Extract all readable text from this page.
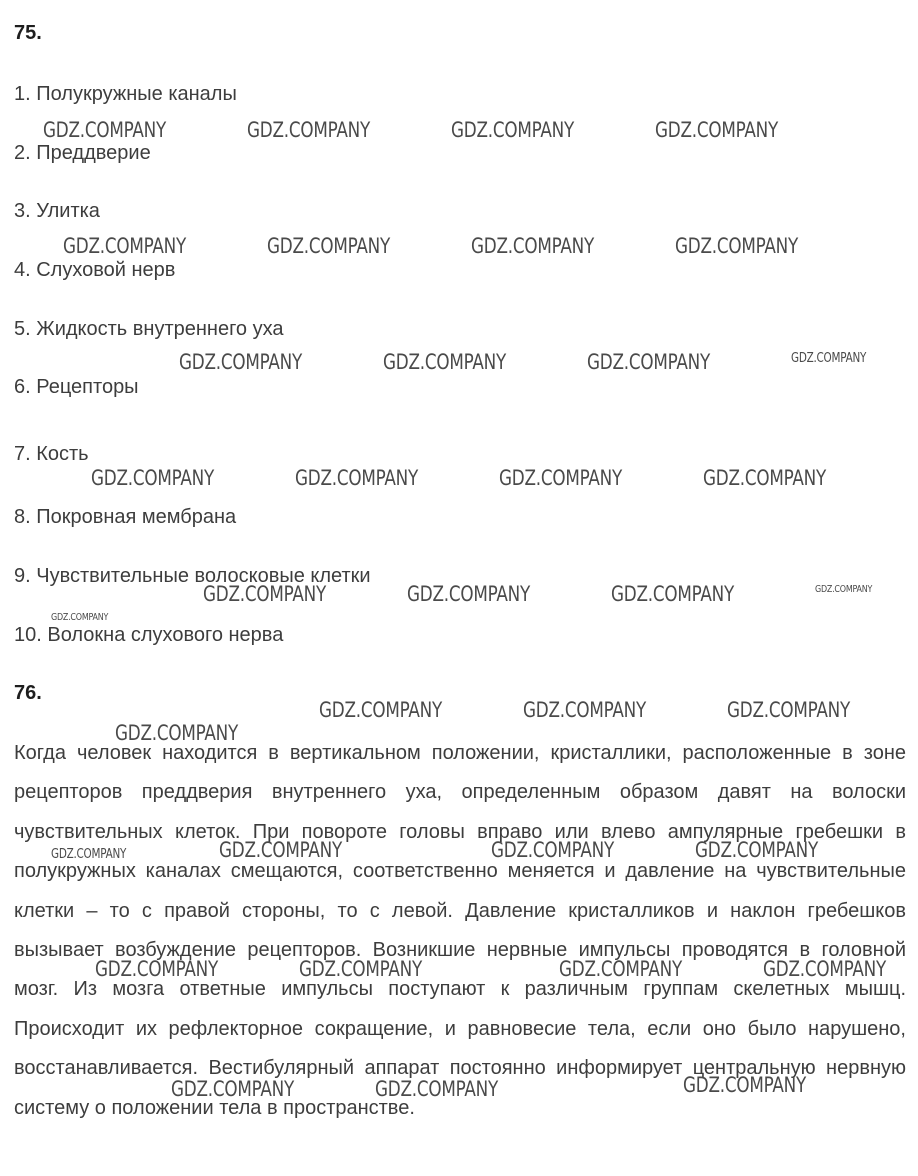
75.
1. Полукружные каналы
2. Преддверие
3. Улитка
4. Слуховой нерв
5. Жидкость внутреннего уха
6. Рецепторы
7. Кость
8. Покровная мембрана
9. Чувствительные волосковые клетки
10. Волокна слухового нерва
76.

Когда человек находится в вертикальном положении, кристаллики, расположенные в зоне рецепторов преддверия внутреннего уха, определенным образом давят на волоски чувствительных клеток. При повороте головы вправо или влево ампулярные гребешки в полукружных каналах смещаются, соответственно меняется и давление на чувствительные клетки – то с правой стороны, то с левой. Давление кристалликов и наклон гребешков вызывает возбуждение рецепторов. Возникшие нервные импульсы проводятся в головной мозг. Из мозга ответные импульсы поступают к различным группам скелетных мышц. Происходит их рефлекторное сокращение, и равновесие тела, если оно было нарушено, восстанавливается. Вестибулярный аппарат постоянно информирует центральную нервную систему о положении тела в пространстве.

GDZ.COMPANY	GDZ.COMPANY	GDZ.COMPANY	GDZ.COMPANY
GDZ.COMPANY	GDZ.COMPANY	GDZ.COMPANY	GDZ.COMPANY
GDZ.COMPANY	GDZ.COMPANY	GDZ.COMPANY	GDZ.COMPANY
GDZ.COMPANY	GDZ.COMPANY	GDZ.COMPANY	GDZ.COMPANY
GDZ.COMPANY	GDZ.COMPANY	GDZ.COMPANY	GDZ.COMPANY
GDZ.COMPANY
GDZ.COMPANY	GDZ.COMPANY	GDZ.COMPANY
GDZ.COMPANY
GDZ.COMPANY	GDZ.COMPANY	GDZ.COMPANY	GDZ.COMPANY
GDZ.COMPANY	GDZ.COMPANY	GDZ.COMPANY	GDZ.COMPANY
GDZ.COMPANY	GDZ.COMPANY	GDZ.COMPANY
